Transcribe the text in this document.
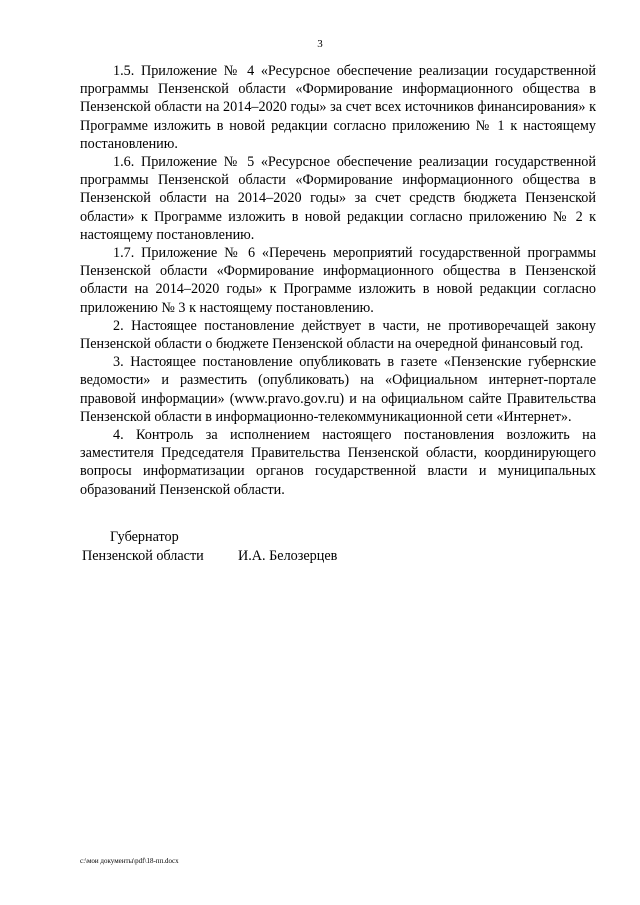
3

1.5. Приложение № 4 «Ресурсное обеспечение реализации государственной программы Пензенской области «Формирование информационного общества в Пензенской области на 2014–2020 годы» за счет всех источников финансирования» к Программе изложить в новой редакции согласно приложению № 1 к настоящему постановлению.

1.6. Приложение № 5 «Ресурсное обеспечение реализации государственной программы Пензенской области «Формирование информационного общества в Пензенской области на 2014–2020 годы» за счет средств бюджета Пензенской области» к Программе изложить в новой редакции согласно приложению № 2 к настоящему постановлению.

1.7. Приложение № 6 «Перечень мероприятий государственной программы Пензенской области «Формирование информационного общества в Пензенской области на 2014–2020 годы» к Программе изложить в новой редакции согласно приложению № 3 к настоящему постановлению.

2. Настоящее постановление действует в части, не противоречащей закону Пензенской области о бюджете Пензенской области на очередной финансовый год.

3. Настоящее постановление опубликовать в газете «Пензенские губернские ведомости» и разместить (опубликовать) на «Официальном интернет-портале правовой информации» (www.pravo.gov.ru) и на официальном сайте Правительства Пензенской области в информационно-телекоммуникационной сети «Интернет».

4. Контроль за исполнением настоящего постановления возложить на заместителя Председателя Правительства Пензенской области, координирующего вопросы информатизации органов государственной власти и муниципальных образований Пензенской области.

Губернатор
Пензенской области И.А. Белозерцев
c:\мои документы\pdf\18-пп.docx
